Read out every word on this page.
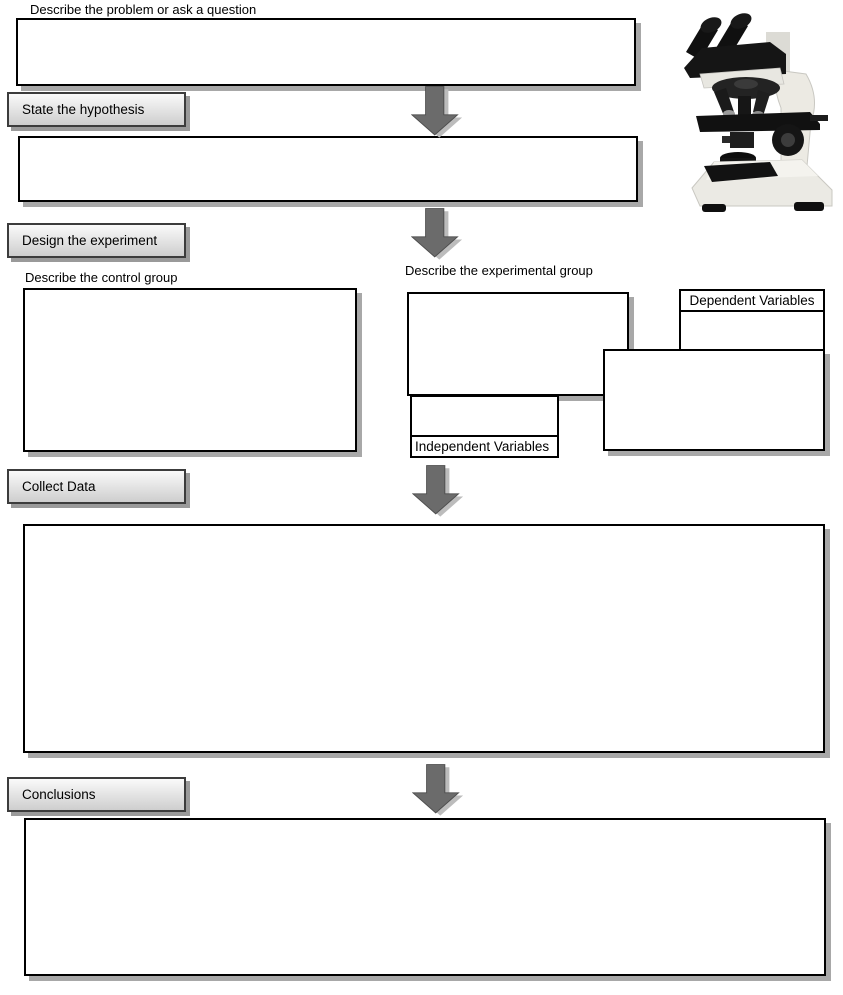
Describe the problem or ask a question
State the hypothesis
Design the experiment
Describe the control group	Describe the experimental group
Dependent Variables
Independent Variables
Collect Data
Conclusions
